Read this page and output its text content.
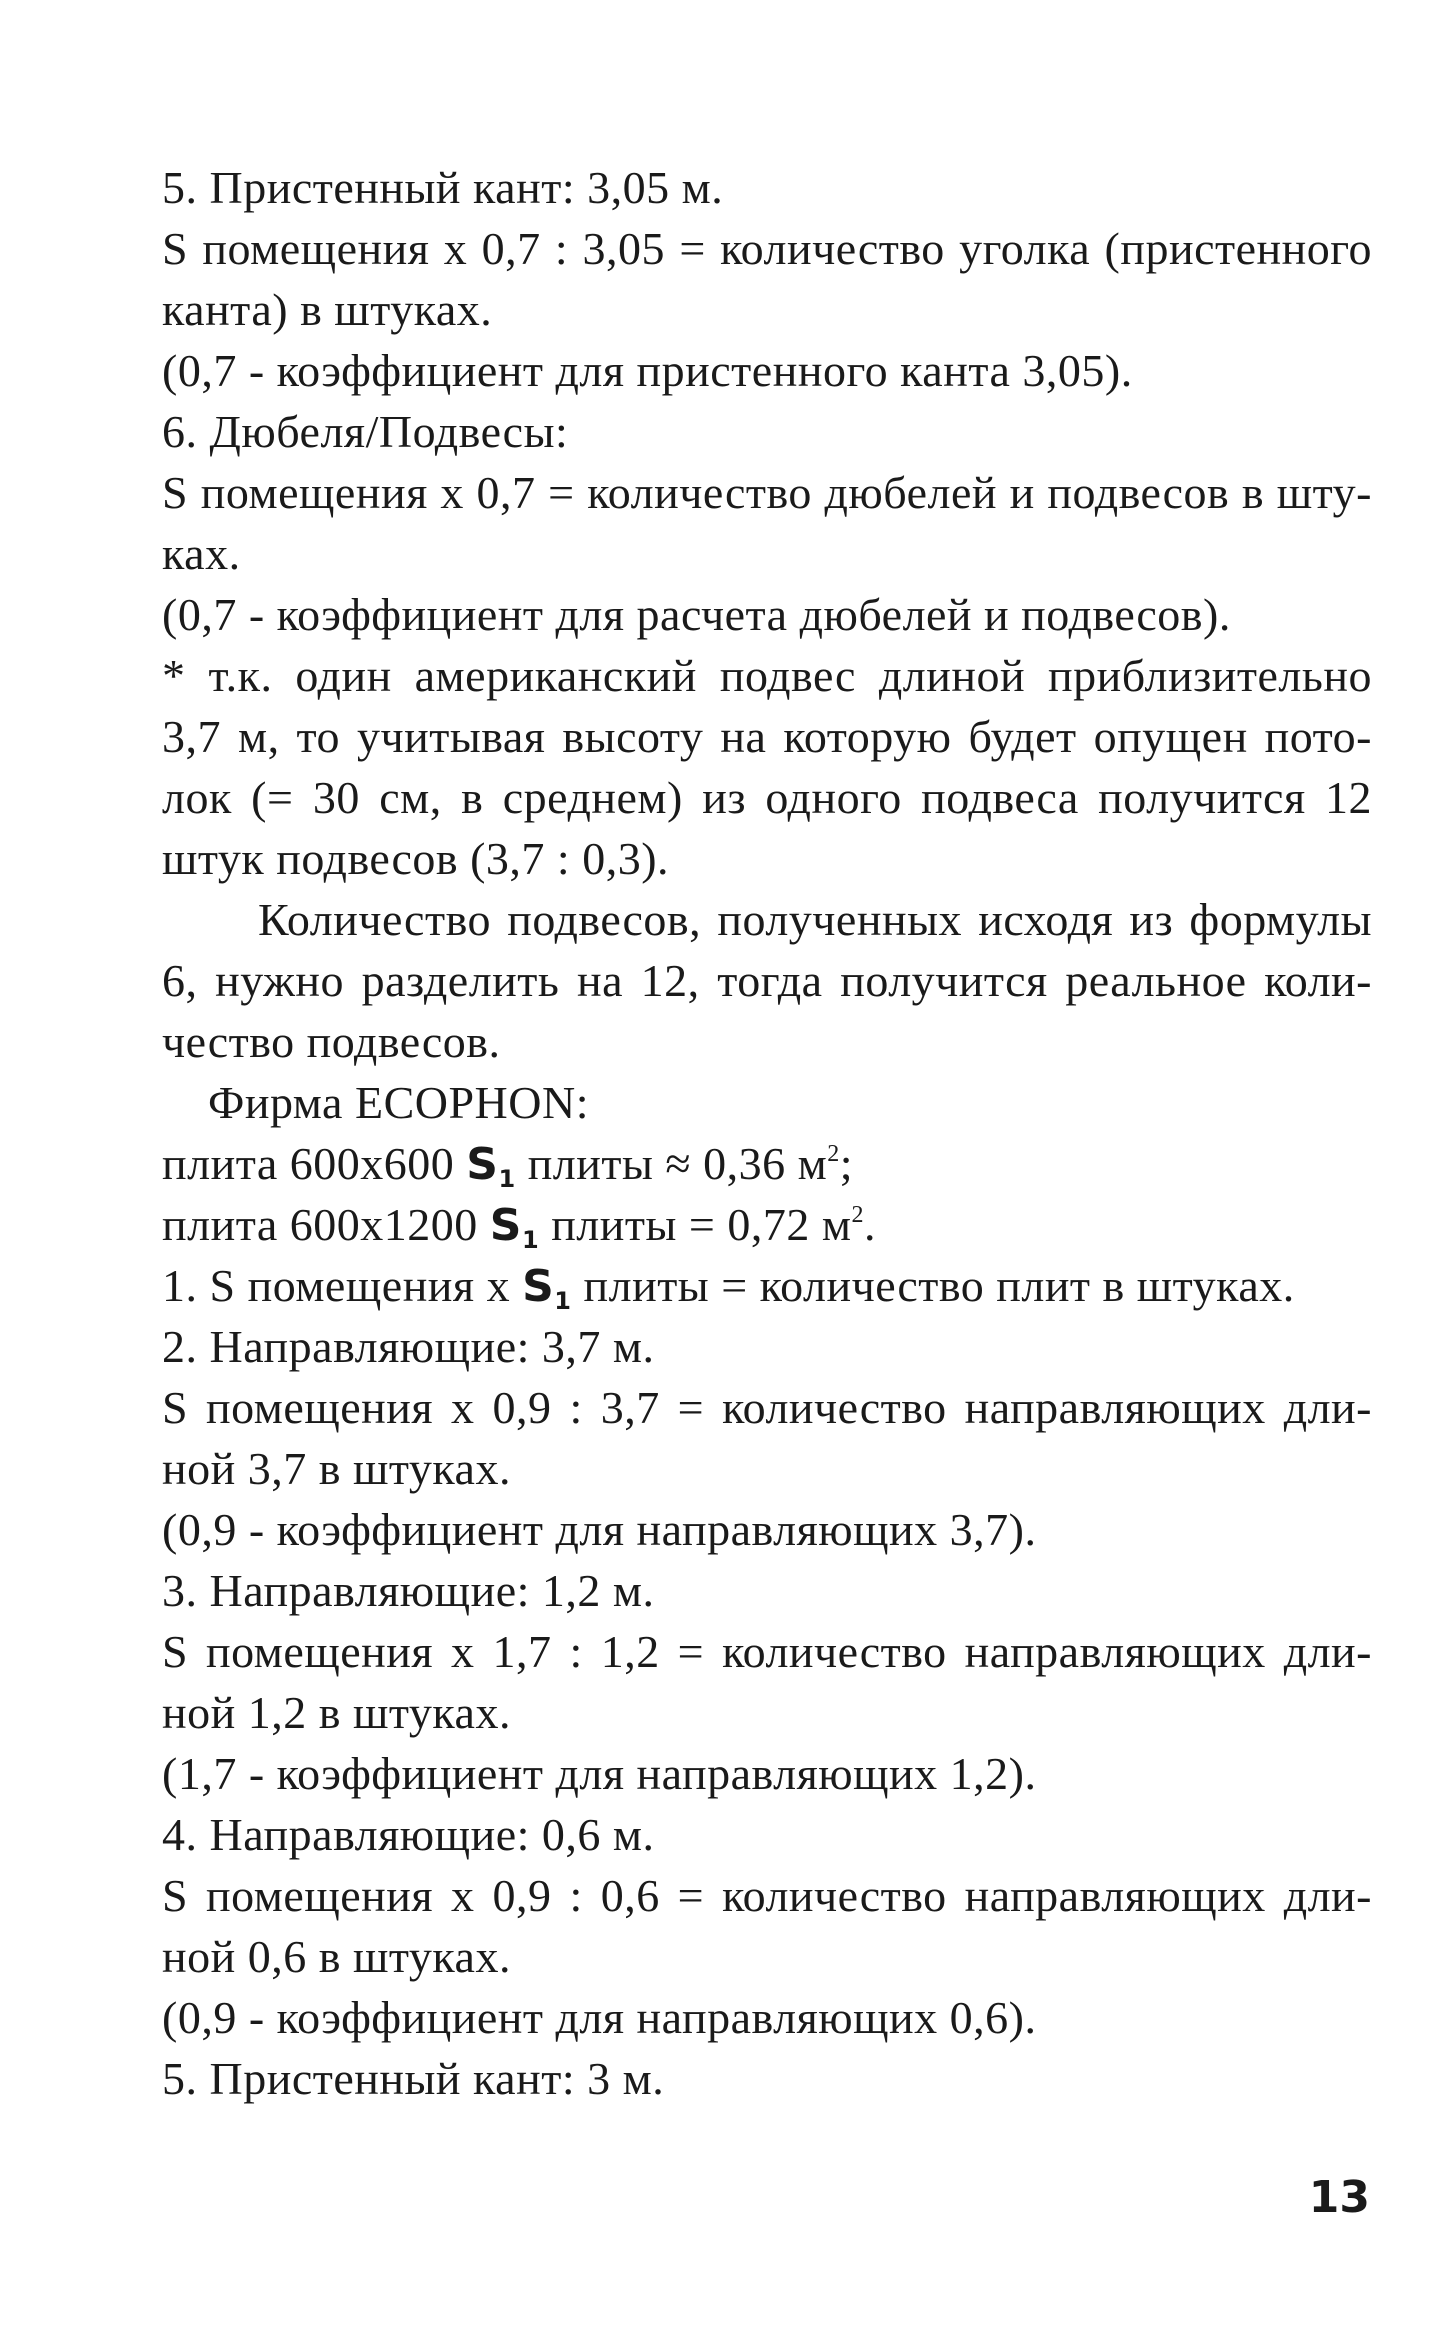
5. Пристенный кант: 3,05 м.
S помещения х 0,7 : 3,05 = количество уголка (пристенного
канта) в штуках.
(0,7 - коэффициент для пристенного канта 3,05).
6. Дюбеля/Подвесы:
S помещения х 0,7 = количество дюбелей и подвесов в шту-
ках.
(0,7 - коэффициент для расчета дюбелей и подвесов).
* т.к. один американский подвес длиной приблизительно
3,7 м, то учитывая высоту на которую будет опущен пото-
лок (= 30 см, в среднем) из одного подвеса получится 12
штук подвесов (3,7 : 0,3).
Количество подвесов, полученных исходя из формулы
6, нужно разделить на 12, тогда получится реальное коли-
чество подвесов.
Фирма ECOPHON:
плита 600х600 $S_1$ плиты ≈ 0,36 $м^2$;
плита 600х1200 $S_1$ плиты = 0,72 $м^2$.
1. S помещения х $S_1$ плиты = количество плит в штуках.
2. Направляющие: 3,7 м.
S помещения х 0,9 : 3,7 = количество направляющих дли-
ной 3,7 в штуках.
(0,9 - коэффициент для направляющих 3,7).
3. Направляющие: 1,2 м.
S помещения х 1,7 : 1,2 = количество направляющих дли-
ной 1,2 в штуках.
(1,7 - коэффициент для направляющих 1,2).
4. Направляющие: 0,6 м.
S помещения х 0,9 : 0,6 = количество направляющих дли-
ной 0,6 в штуках.
(0,9 - коэффициент для направляющих 0,6).
5. Пристенный кант: 3 м.
13
